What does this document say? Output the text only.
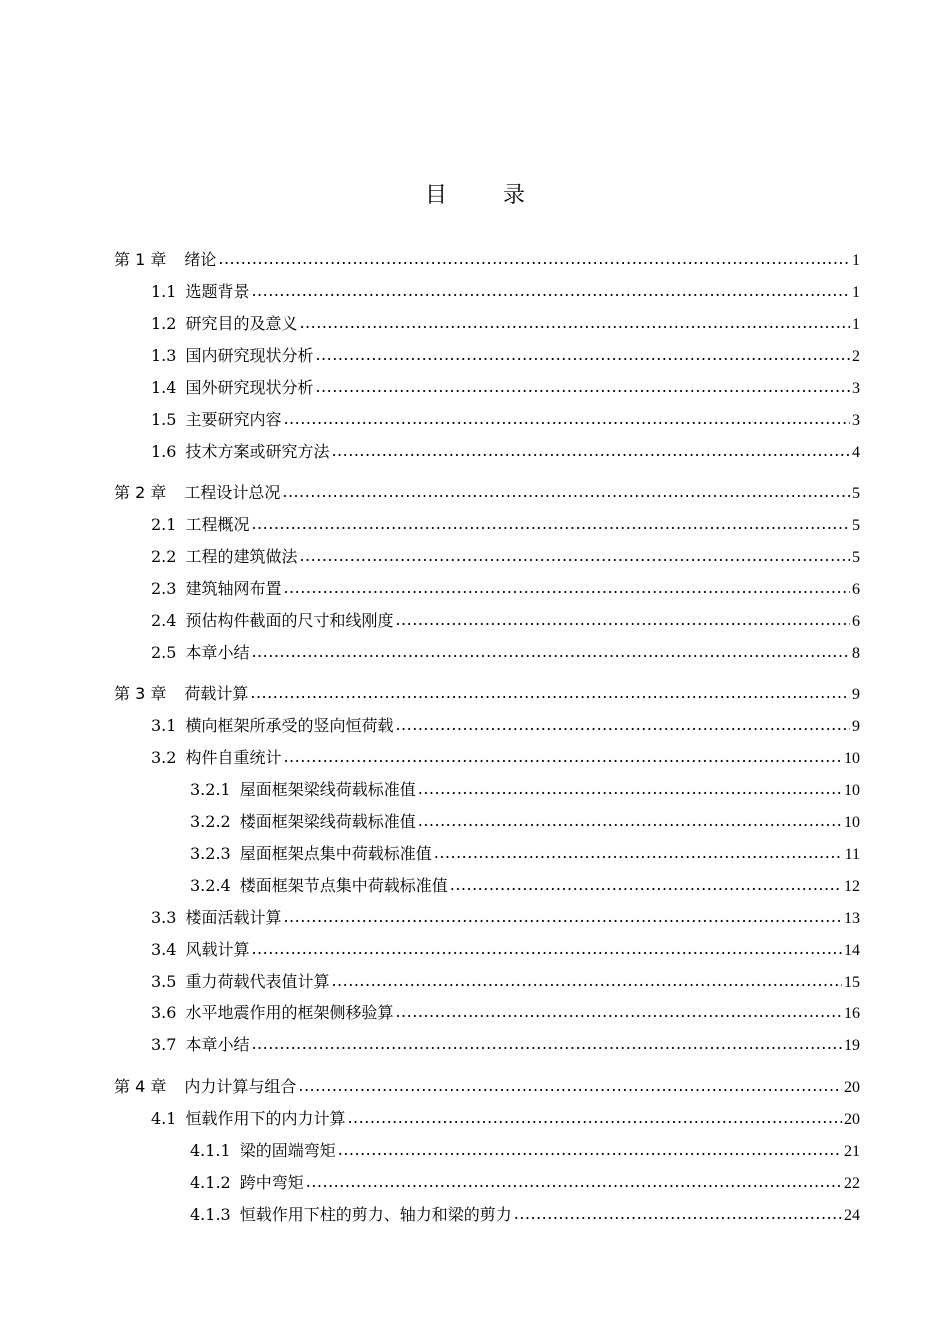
目	录
第 1 章 绪论 .....	1
1.1 选题背景 .....	1
1.2 研究目的及意义 .....	1
1.3 国内研究现状分析 .....	2
1.4 国外研究现状分析 .....	3
1.5 主要研究内容 .....	3
1.6 技术方案或研究方法 .....	4
第 2 章 工程设计总况 .....	5
2.1 工程概况 .....	5
2.2 工程的建筑做法 .....	5
2.3 建筑轴网布置 .....	6
2.4 预估构件截面的尺寸和线刚度 .....	6
2.5 本章小结 .....	8
第 3 章 荷载计算 .....	9
3.1 横向框架所承受的竖向恒荷载 .....	9
3.2 构件自重统计 .....	10
3.2.1 屋面框架梁线荷载标准值 .....	10
3.2.2 楼面框架梁线荷载标准值 .....	10
3.2.3 屋面框架点集中荷载标准值 .....	11
3.2.4 楼面框架节点集中荷载标准值 .....	12
3.3 楼面活载计算 .....	13
3.4 风载计算 .....	14
3.5 重力荷载代表值计算 .....	15
3.6 水平地震作用的框架侧移验算 .....	16
3.7 本章小结 .....	19
第 4 章 内力计算与组合 .....	20
4.1 恒载作用下的内力计算 .....	20
4.1.1 梁的固端弯矩 .....	21
4.1.2 跨中弯矩 .....	22
4.1.3 恒载作用下柱的剪力、轴力和梁的剪力 .....	24
